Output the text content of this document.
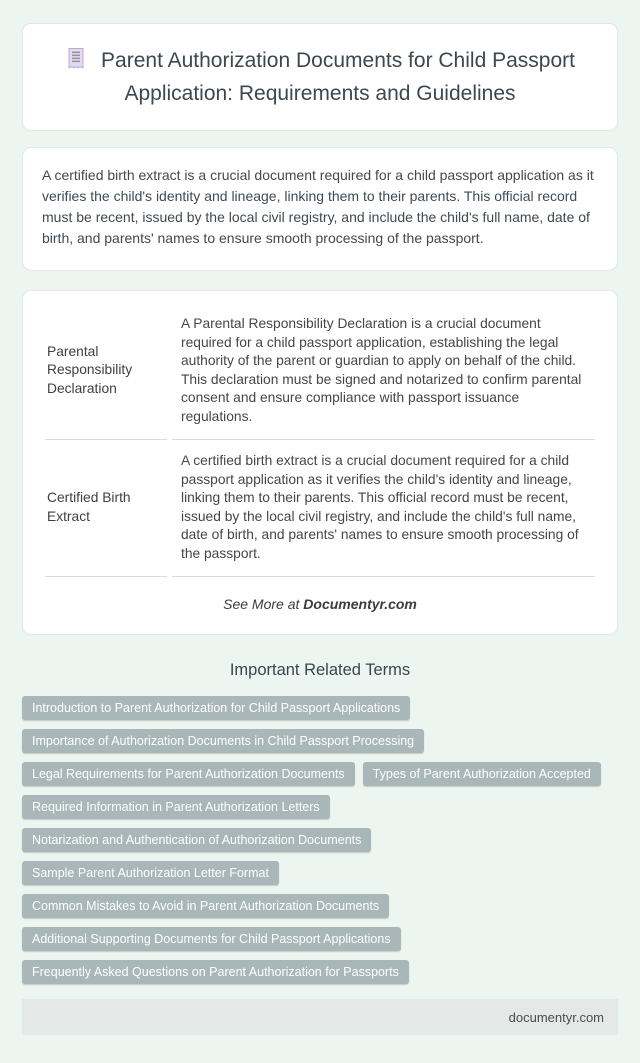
Parent Authorization Documents for Child Passport Application: Requirements and Guidelines

A certified birth extract is a crucial document required for a child passport application as it verifies the child's identity and lineage, linking them to their parents. This official record must be recent, issued by the local civil registry, and include the child's full name, date of birth, and parents' names to ensure smooth processing of the passport.

Parental Responsibility Declaration	A Parental Responsibility Declaration is a crucial document required for a child passport application, establishing the legal authority of the parent or guardian to apply on behalf of the child. This declaration must be signed and notarized to confirm parental consent and ensure compliance with passport issuance regulations.
Certified Birth Extract	A certified birth extract is a crucial document required for a child passport application as it verifies the child's identity and lineage, linking them to their parents. This official record must be recent, issued by the local civil registry, and include the child's full name, date of birth, and parents' names to ensure smooth processing of the passport.
See More at Documentyr.com
Important Related Terms
Introduction to Parent Authorization for Child Passport Applications
Importance of Authorization Documents in Child Passport Processing
Legal Requirements for Parent Authorization Documents	Types of Parent Authorization Accepted
Required Information in Parent Authorization Letters
Notarization and Authentication of Authorization Documents
Sample Parent Authorization Letter Format
Common Mistakes to Avoid in Parent Authorization Documents
Additional Supporting Documents for Child Passport Applications
Frequently Asked Questions on Parent Authorization for Passports
documentyr.com
